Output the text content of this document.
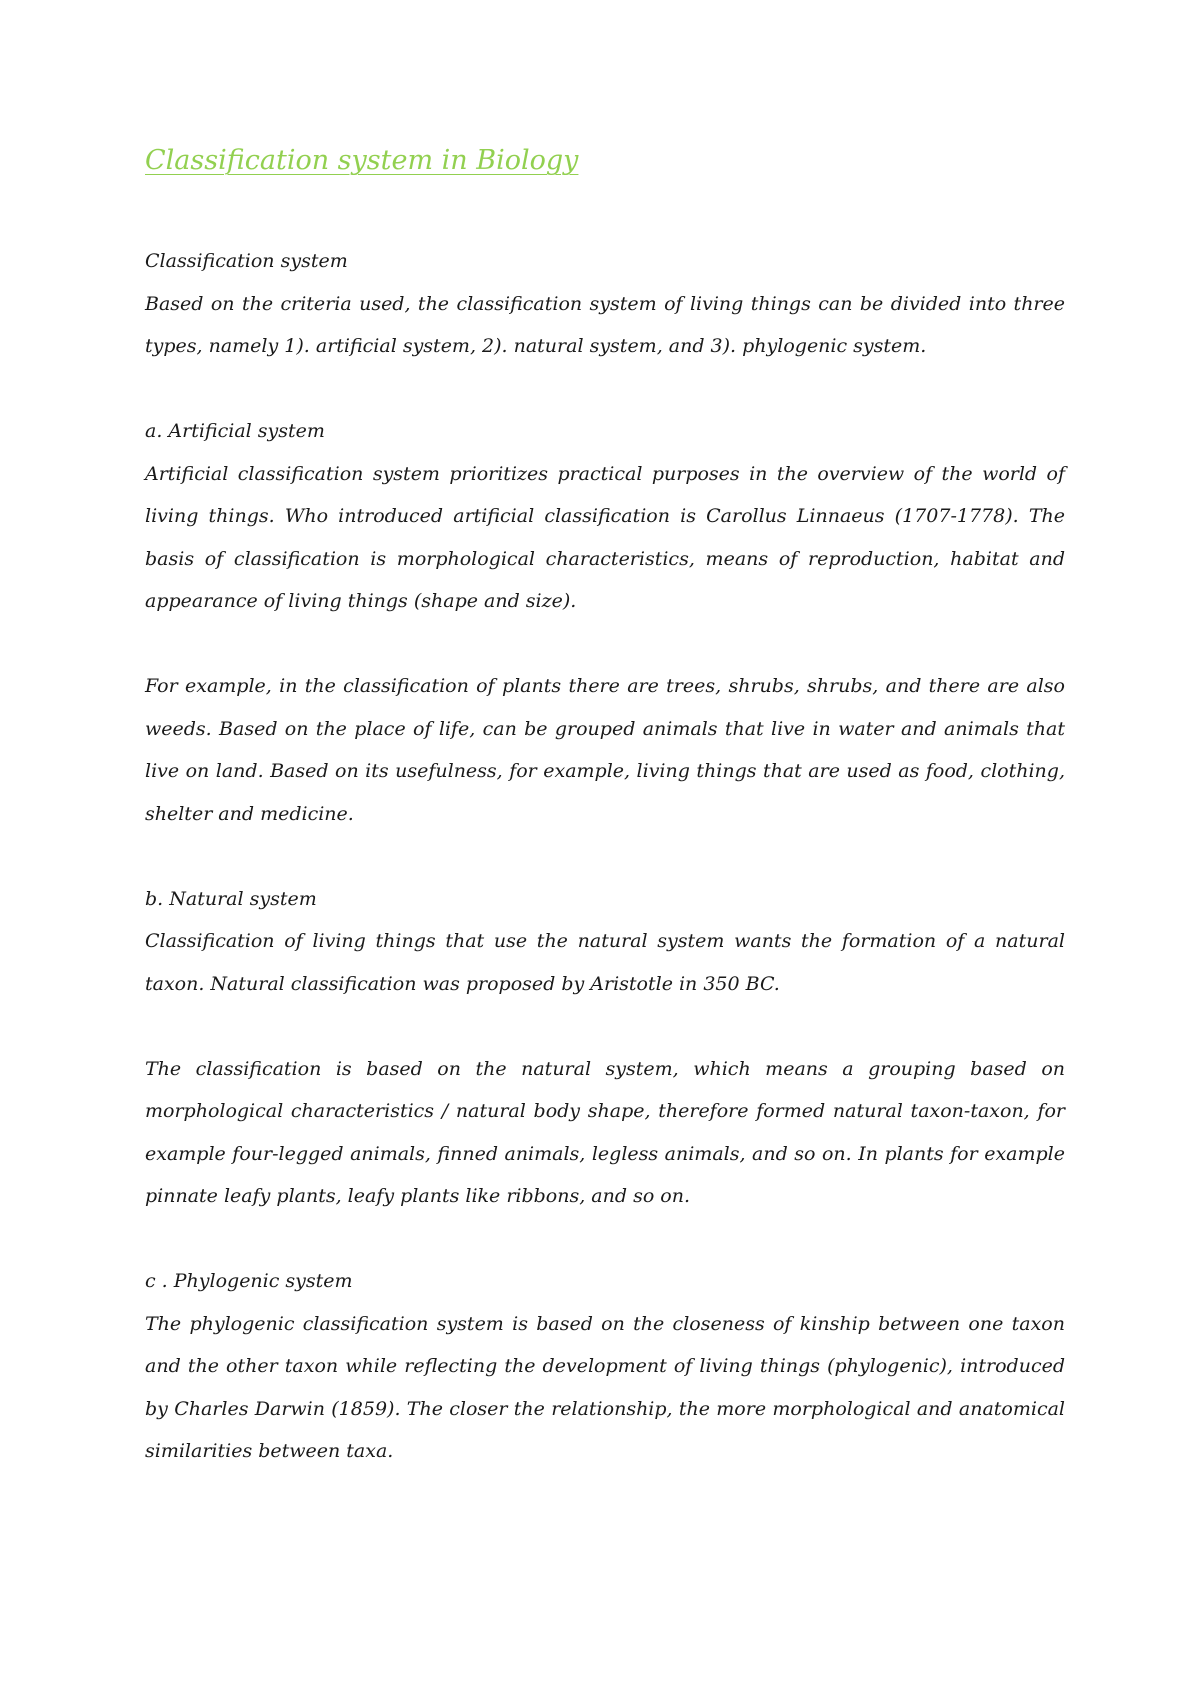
Classification system in Biology
Classification system

Based on the criteria used, the classification system of living things can be divided into three types, namely 1). artificial system, 2). natural system, and 3). phylogenic system.

a. Artificial system

Artificial classification system prioritizes practical purposes in the overview of the world of living things. Who introduced artificial classification is Carollus Linnaeus (1707-1778). The basis of classification is morphological characteristics, means of reproduction, habitat and appearance of living things (shape and size).

For example, in the classification of plants there are trees, shrubs, shrubs, and there are also weeds. Based on the place of life, can be grouped animals that live in water and animals that live on land. Based on its usefulness, for example, living things that are used as food, clothing, shelter and medicine.

b. Natural system

Classification of living things that use the natural system wants the formation of a natural taxon. Natural classification was proposed by Aristotle in 350 BC.

The classification is based on the natural system, which means a grouping based on morphological characteristics / natural body shape, therefore formed natural taxon-taxon, for example four-legged animals, finned animals, legless animals, and so on. In plants for example pinnate leafy plants, leafy plants like ribbons, and so on.

c . Phylogenic system

The phylogenic classification system is based on the closeness of kinship between one taxon and the other taxon while reflecting the development of living things (phylogenic), introduced by Charles Darwin (1859). The closer the relationship, the more morphological and anatomical similarities between taxa.
